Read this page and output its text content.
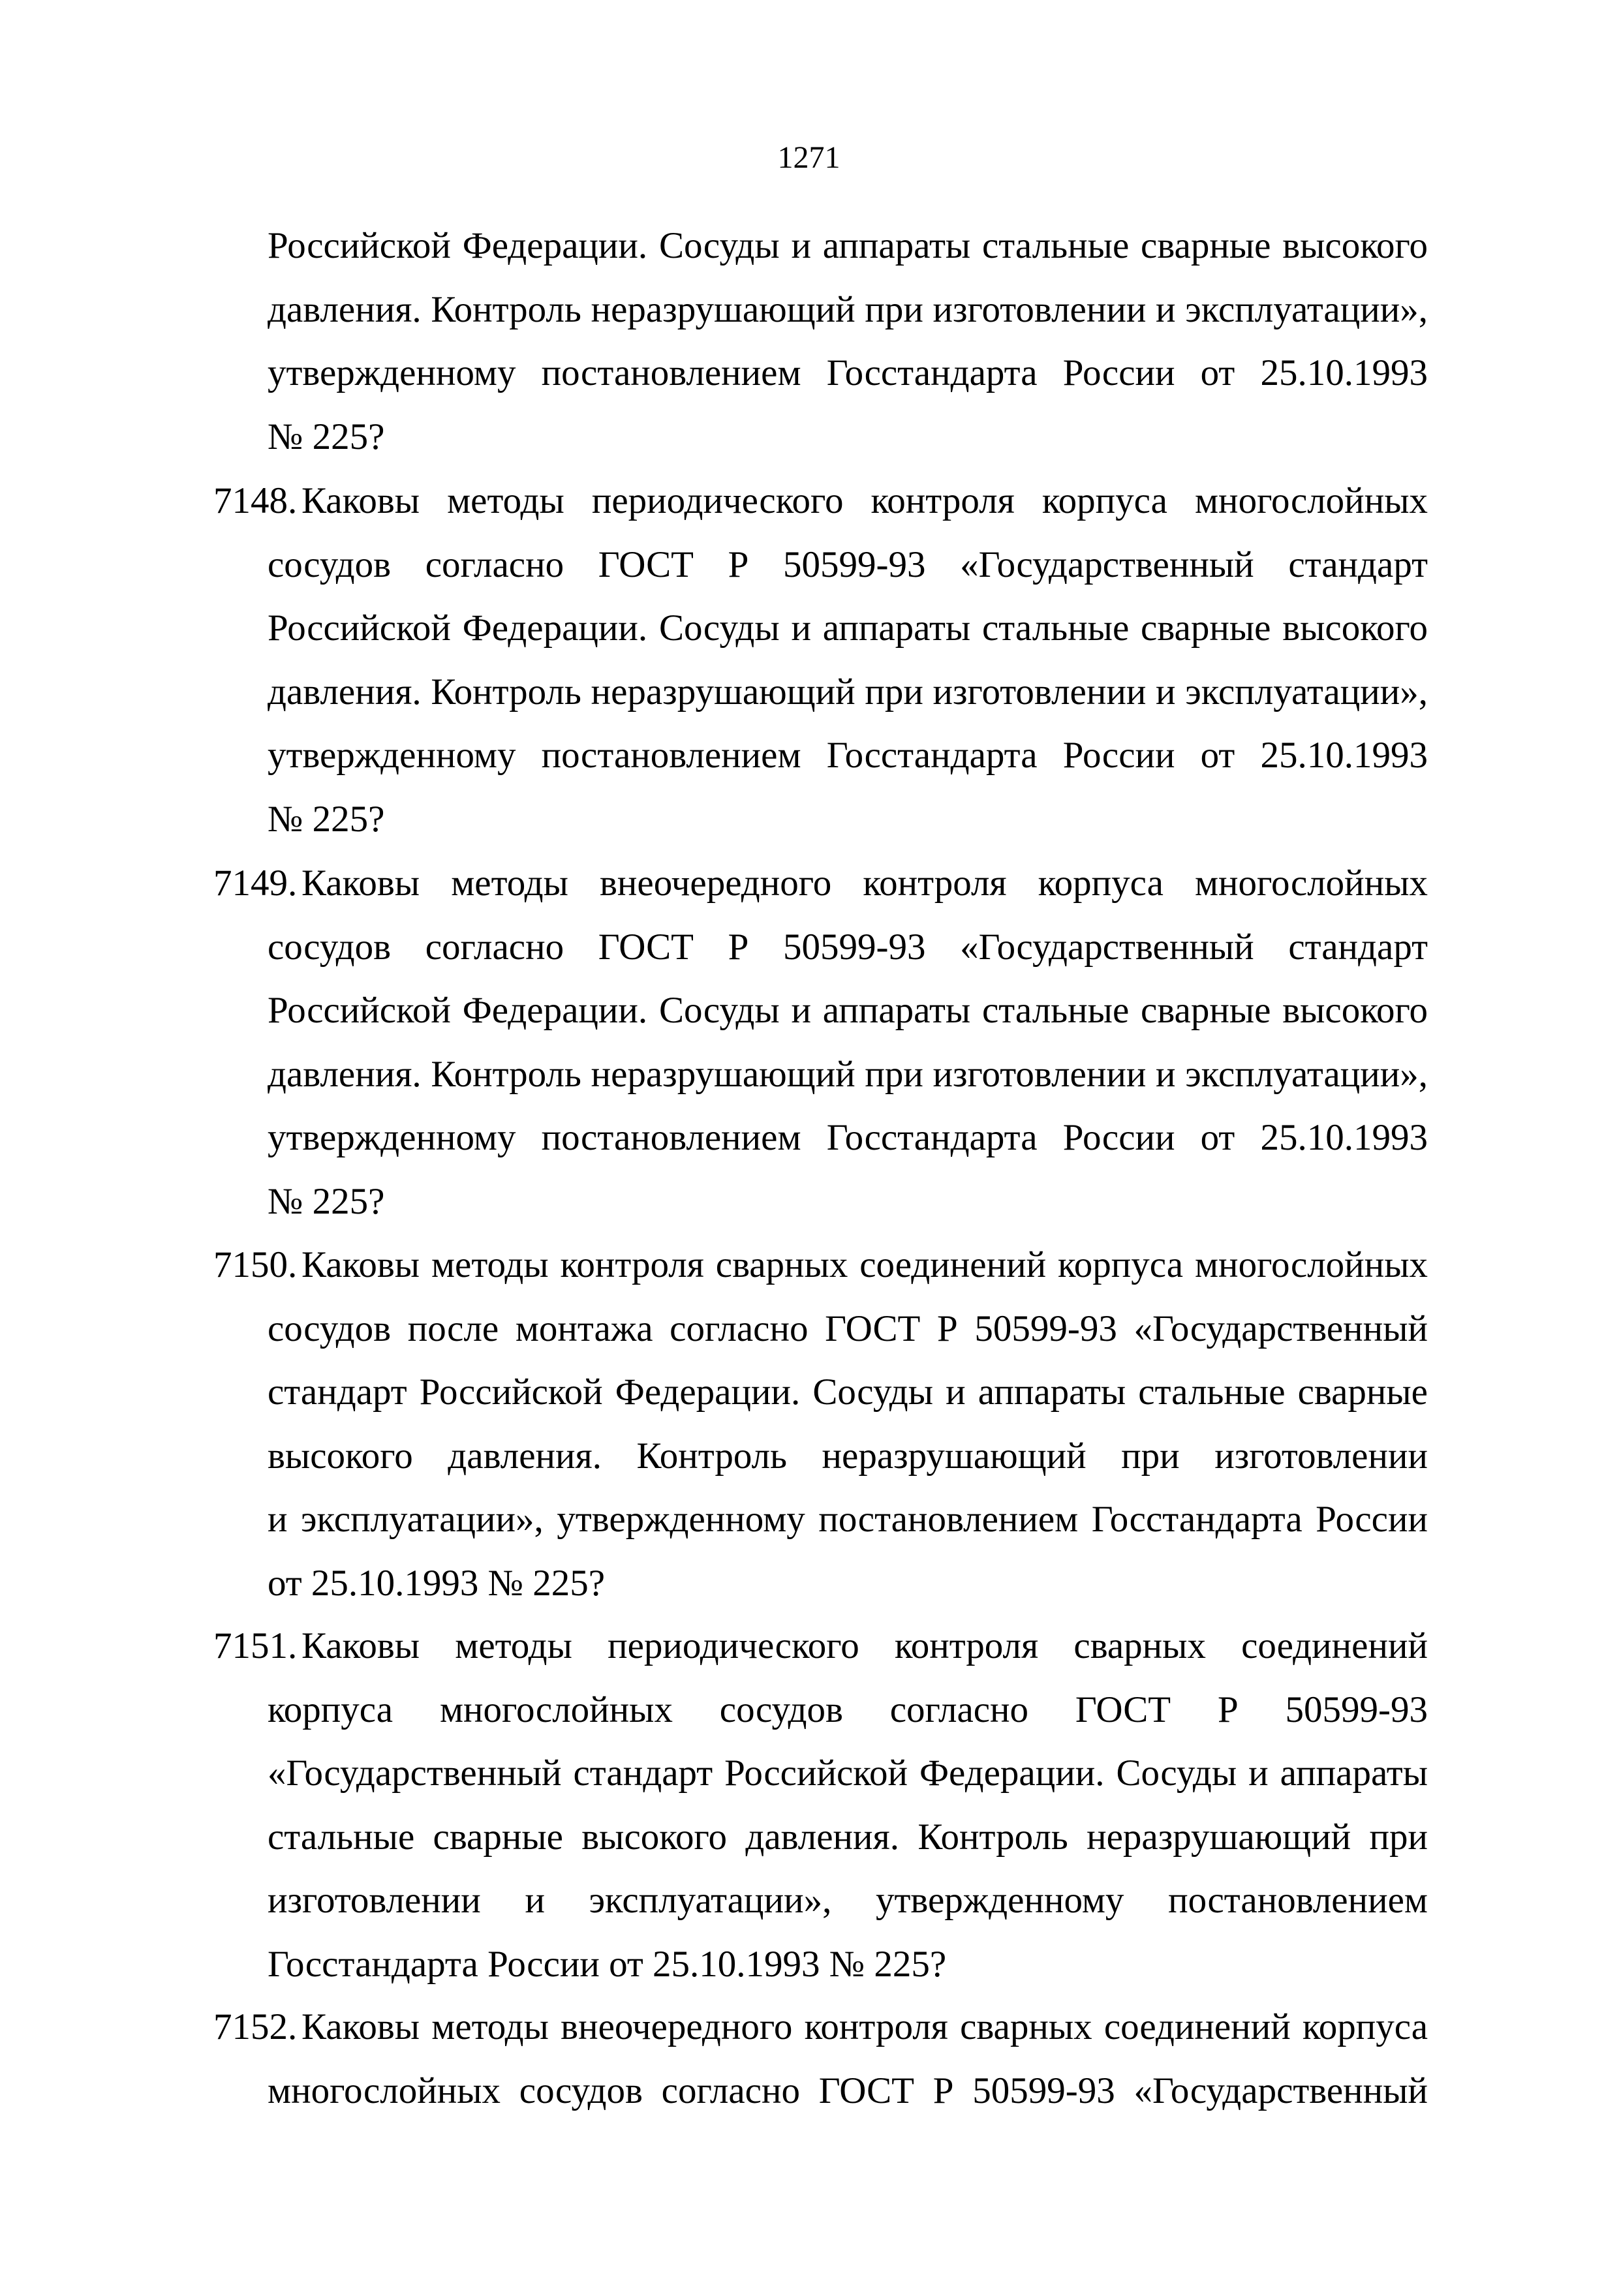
1271
Российской Федерации. Сосуды и аппараты стальные сварные высокого
давления. Контроль неразрушающий при изготовлении и эксплуатации»,
утвержденному постановлением Госстандарта России от 25.10.1993
№ 225?
7148. Каковы методы периодического контроля корпуса многослойных
сосудов согласно ГОСТ Р 50599-93 «Государственный стандарт
Российской Федерации. Сосуды и аппараты стальные сварные высокого
давления. Контроль неразрушающий при изготовлении и эксплуатации»,
утвержденному постановлением Госстандарта России от 25.10.1993
№ 225?
7149. Каковы методы внеочередного контроля корпуса многослойных
сосудов согласно ГОСТ Р 50599-93 «Государственный стандарт
Российской Федерации. Сосуды и аппараты стальные сварные высокого
давления. Контроль неразрушающий при изготовлении и эксплуатации»,
утвержденному постановлением Госстандарта России от 25.10.1993
№ 225?
7150. Каковы методы контроля сварных соединений корпуса многослойных
сосудов после монтажа согласно ГОСТ Р 50599-93 «Государственный
стандарт Российской Федерации. Сосуды и аппараты стальные сварные
высокого давления. Контроль неразрушающий при изготовлении
и эксплуатации», утвержденному постановлением Госстандарта России
от 25.10.1993 № 225?
7151. Каковы методы периодического контроля сварных соединений
корпуса многослойных сосудов согласно ГОСТ Р 50599-93
«Государственный стандарт Российской Федерации. Сосуды и аппараты
стальные сварные высокого давления. Контроль неразрушающий при
изготовлении и эксплуатации», утвержденному постановлением
Госстандарта России от 25.10.1993 № 225?
7152. Каковы методы внеочередного контроля сварных соединений корпуса
многослойных сосудов согласно ГОСТ Р 50599-93 «Государственный
